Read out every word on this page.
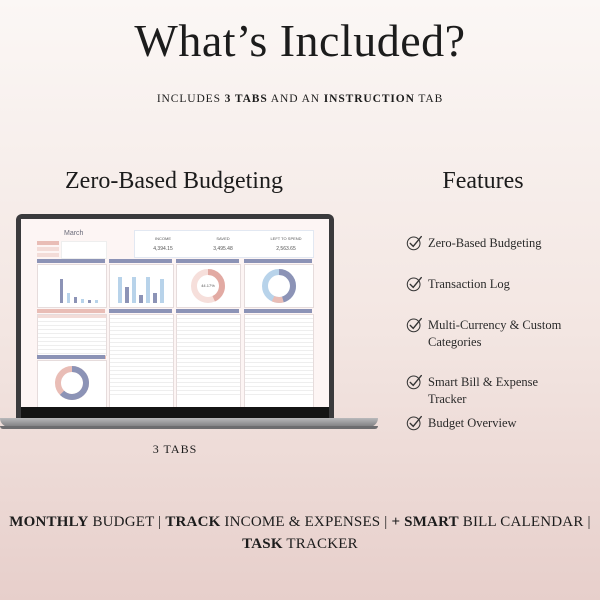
What’s Included?
INCLUDES 3 TABS AND AN INSTRUCTION TAB
Zero-Based Budgeting	Features
March
INCOME	SAVED	LEFT TO SPEND
4,394.15	3,495.48	2,563.65
44.17%
3 TABS
Zero-Based Budgeting
Transaction Log
Multi-Currency & Custom Categories
Smart Bill & Expense Tracker
Budget Overview
MONTHLY BUDGET | TRACK INCOME & EXPENSES | + SMART BILL CALENDAR |
TASK TRACKER
